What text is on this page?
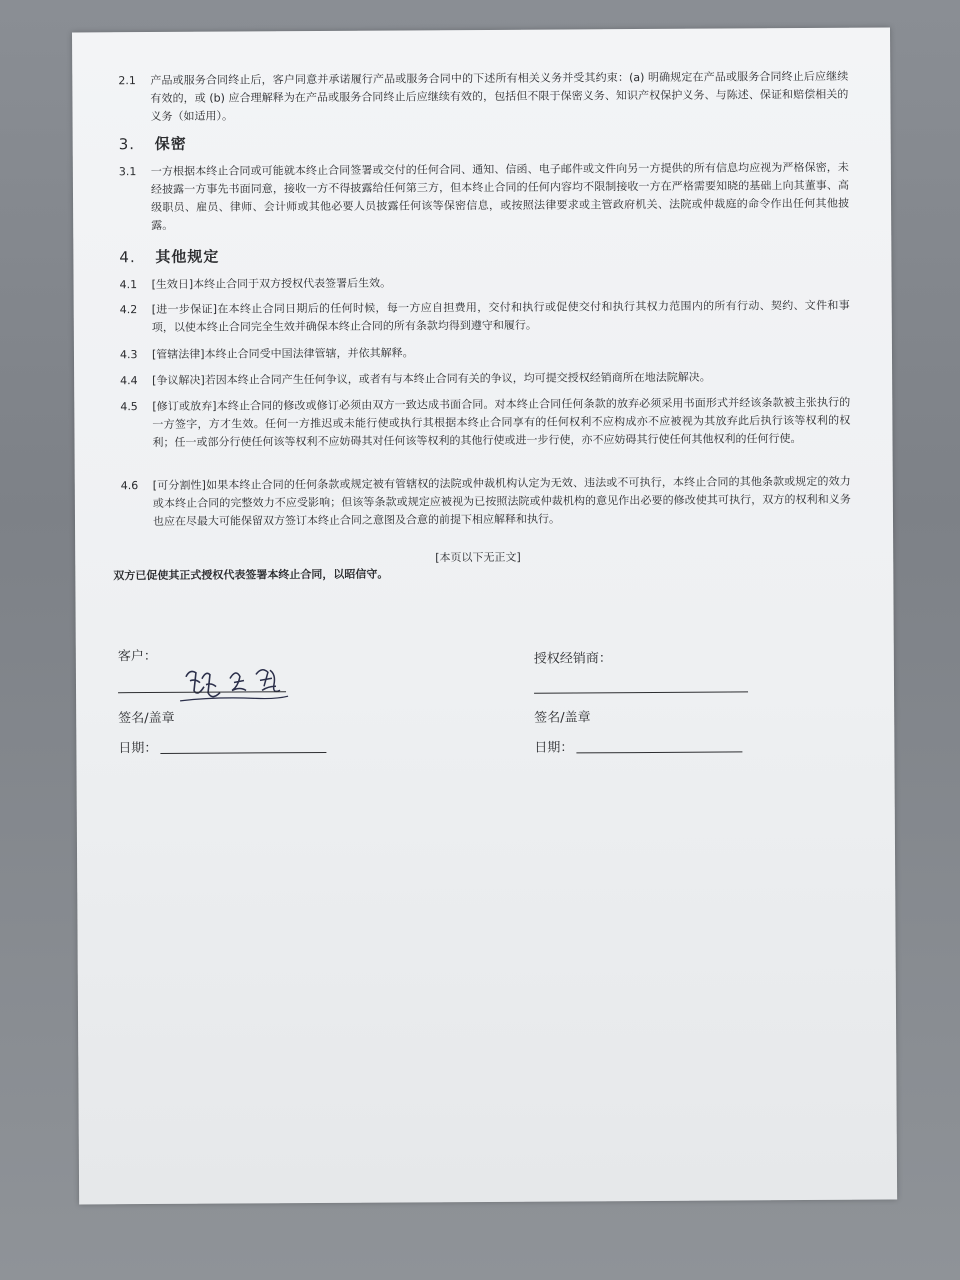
2.1	产品或服务合同终止后，客户同意并承诺履行产品或服务合同中的下述所有相关义务并受其约束：(a) 明确规定在产品或服务合同终止后应继续有效的，或 (b) 应合理解释为在产品或服务合同终止后应继续有效的，包括但不限于保密义务、知识产权保护义务、与陈述、保证和赔偿相关的义务（如适用）。
3. 保密
3.1	一方根据本终止合同或可能就本终止合同签署或交付的任何合同、通知、信函、电子邮件或文件向另一方提供的所有信息均应视为严格保密，未经披露一方事先书面同意，接收一方不得披露给任何第三方，但本终止合同的任何内容均不限制接收一方在严格需要知晓的基础上向其董事、高级职员、雇员、律师、会计师或其他必要人员披露任何该等保密信息，或按照法律要求或主管政府机关、法院或仲裁庭的命令作出任何其他披露。
4. 其他规定
4.1	[生效日]本终止合同于双方授权代表签署后生效。
4.2	[进一步保证]在本终止合同日期后的任何时候，每一方应自担费用，交付和执行或促使交付和执行其权力范围内的所有行动、契约、文件和事项，以使本终止合同完全生效并确保本终止合同的所有条款均得到遵守和履行。
4.3	[管辖法律]本终止合同受中国法律管辖，并依其解释。
4.4	[争议解决]若因本终止合同产生任何争议，或者有与本终止合同有关的争议，均可提交授权经销商所在地法院解决。
4.5	[修订或放弃]本终止合同的修改或修订必须由双方一致达成书面合同。对本终止合同任何条款的放弃必须采用书面形式并经该条款被主张执行的一方签字，方才生效。任何一方推迟或未能行使或执行其根据本终止合同享有的任何权利不应构成亦不应被视为其放弃此后执行该等权利的权利；任一或部分行使任何该等权利不应妨碍其对任何该等权利的其他行使或进一步行使，亦不应妨碍其行使任何其他权利的任何行使。
4.6	[可分割性]如果本终止合同的任何条款或规定被有管辖权的法院或仲裁机构认定为无效、违法或不可执行，本终止合同的其他条款或规定的效力或本终止合同的完整效力不应受影响；但该等条款或规定应被视为已按照法院或仲裁机构的意见作出必要的修改使其可执行，双方的权利和义务也应在尽最大可能保留双方签订本终止合同之意图及合意的前提下相应解释和执行。
[本页以下无正文]
双方已促使其正式授权代表签署本终止合同，以昭信守。
客户：
签名/盖章
日期：
授权经销商：
签名/盖章
日期：
